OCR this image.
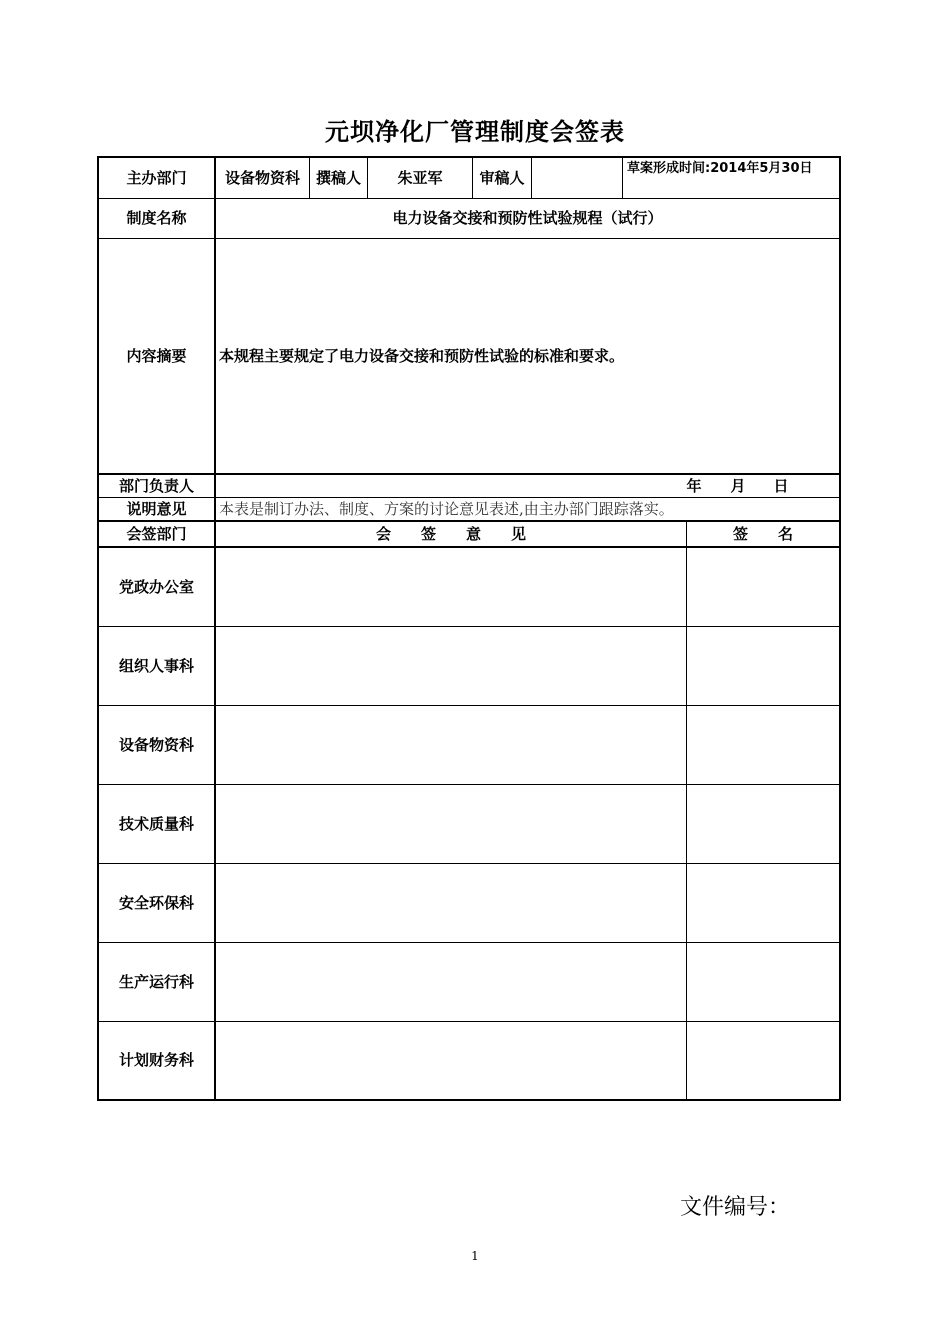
元坝净化厂管理制度会签表
主办部门	设备物资科	撰稿人	朱亚军	审稿人
草案形成时间:2014年5月30日
制度名称	电力设备交接和预防性试验规程（试行）
内容摘要	本规程主要规定了电力设备交接和预防性试验的标准和要求。
部门负责人	年	月	日
说明意见	本表是制订办法、制度、方案的讨论意见表述,由主办部门跟踪落实。
会签部门	会　　签　　意　　见	签　　名
党政办公室
组织人事科
设备物资科
技术质量科
安全环保科
生产运行科
计划财务科
文件编号：
1
